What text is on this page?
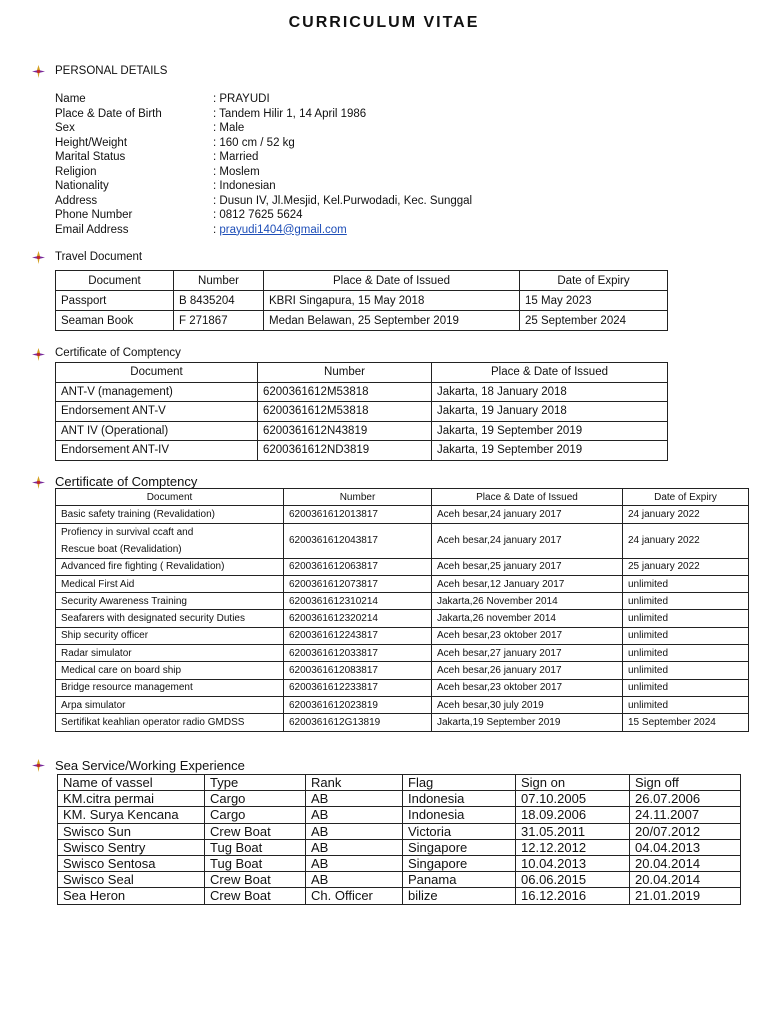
CURRICULUM VITAE
PERSONAL DETAILS
Name	: PRAYUDI
Place & Date of Birth	: Tandem Hilir 1, 14 April 1986
Sex	: Male
Height/Weight	: 160 cm / 52 kg
Marital Status	: Married
Religion	: Moslem
Nationality	: Indonesian
Address	: Dusun IV, Jl.Mesjid, Kel.Purwodadi, Kec. Sunggal
Phone Number	: 0812 7625 5624
Email Address	: prayudi1404@gmail.com
Travel Document
Document	Number	Place & Date of Issued	Date of Expiry
Passport	B 8435204	KBRI Singapura, 15 May 2018	15 May 2023
Seaman Book	F 271867	Medan Belawan, 25 September 2019	25 September 2024
Certificate of Comptency
Document	Number	Place & Date of Issued
ANT-V (management)	6200361612M53818	Jakarta, 18 January 2018
Endorsement ANT-V	6200361612M53818	Jakarta, 19 January 2018
ANT IV (Operational)	6200361612N43819	Jakarta, 19 September 2019
Endorsement ANT-IV	6200361612ND3819	Jakarta, 19 September 2019
Certificate of Comptency
Document	Number	Place & Date of Issued	Date of Expiry
Basic safety training (Revalidation)	6200361612013817	Aceh besar,24 january 2017	24 january 2022
Profiency in survival ccaft and
Rescue boat (Revalidation)	6200361612043817	Aceh besar,24 january 2017	24 january 2022
Advanced fire fighting ( Revalidation)	6200361612063817	Aceh besar,25 january 2017	25 january 2022
Medical First Aid	6200361612073817	Aceh besar,12 January 2017	unlimited
Security Awareness Training	6200361612310214	Jakarta,26 November 2014	unlimited
Seafarers with designated security Duties	6200361612320214	Jakarta,26 november 2014	unlimited
Ship security officer	6200361612243817	Aceh besar,23 oktober 2017	unlimited
Radar simulator	6200361612033817	Aceh besar,27 january 2017	unlimited
Medical care on board ship	6200361612083817	Aceh besar,26 january 2017	unlimited
Bridge resource management	6200361612233817	Aceh besar,23 oktober 2017	unlimited
Arpa simulator	6200361612023819	Aceh besar,30 july 2019	unlimited
Sertifikat keahlian operator radio GMDSS	6200361612G13819	Jakarta,19 September 2019	15 September 2024
Sea Service/Working Experience
Name of vassel	Type	Rank	Flag	Sign on	Sign off
KM.citra permai	Cargo	AB	Indonesia	07.10.2005	26.07.2006
KM. Surya Kencana	Cargo	AB	Indonesia	18.09.2006	24.11.2007
Swisco Sun	Crew Boat	AB	Victoria	31.05.2011	20/07.2012
Swisco Sentry	Tug Boat	AB	Singapore	12.12.2012	04.04.2013
Swisco Sentosa	Tug Boat	AB	Singapore	10.04.2013	20.04.2014
Swisco Seal	Crew Boat	AB	Panama	06.06.2015	20.04.2014
Sea Heron	Crew Boat	Ch. Officer	bilize	16.12.2016	21.01.2019
